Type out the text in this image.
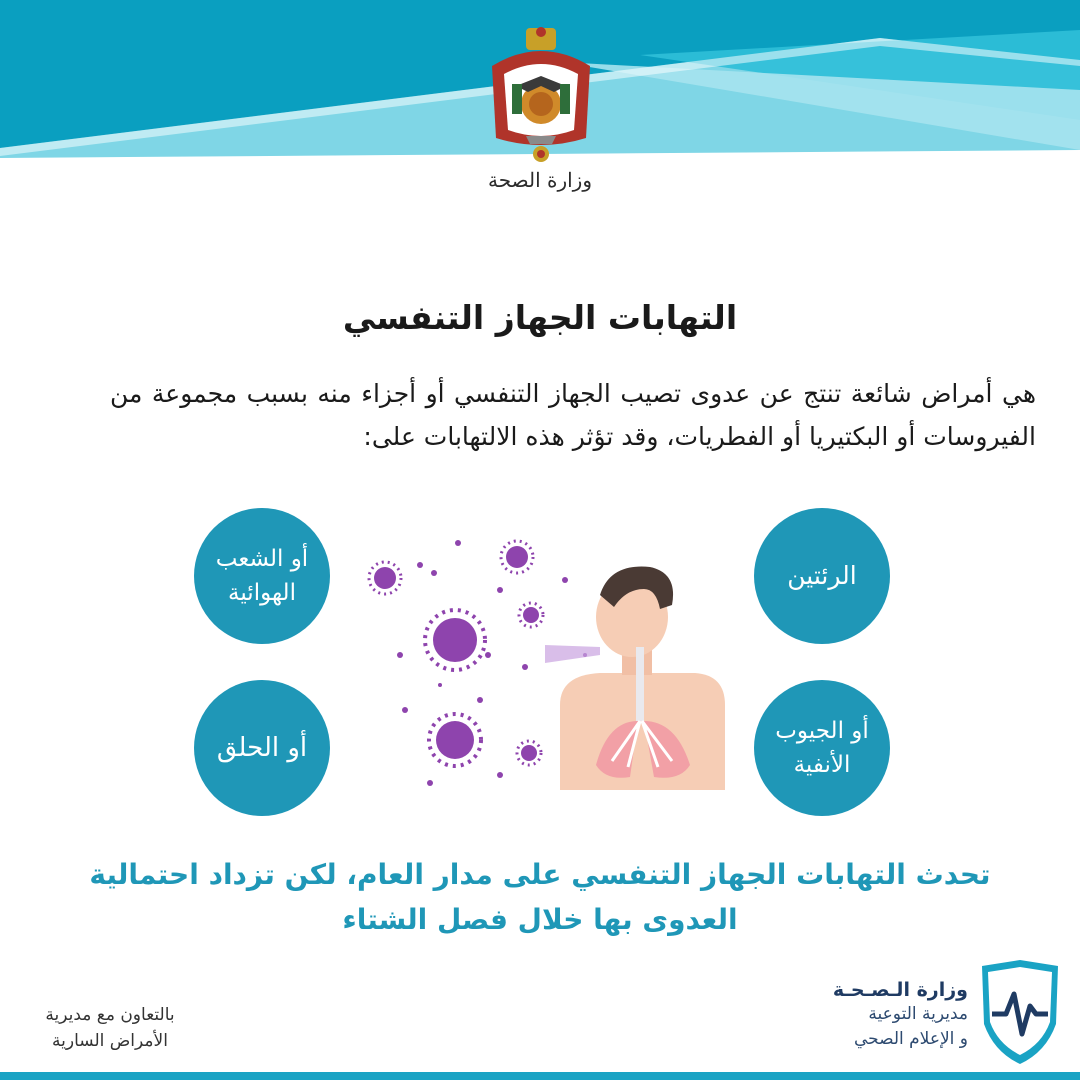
وزارة الصحة
التهابات الجهاز التنفسي

هي أمراض شائعة تنتج عن عدوى تصيب الجهاز التنفسي أو أجزاء منه بسبب مجموعة من الفيروسات أو البكتيريا أو الفطريات، وقد تؤثر هذه الالتهابات على:

الرئتين
أو الجيوب الأنفية
أو الشعب الهوائية
أو الحلق

تحدث التهابات الجهاز التنفسي على مدار العام، لكن تزداد احتمالية العدوى بها خلال فصل الشتاء

بالتعاون مع مديرية الأمراض السارية

وزارة الـصـحـة
مديرية التوعية
و الإعلام الصحي
